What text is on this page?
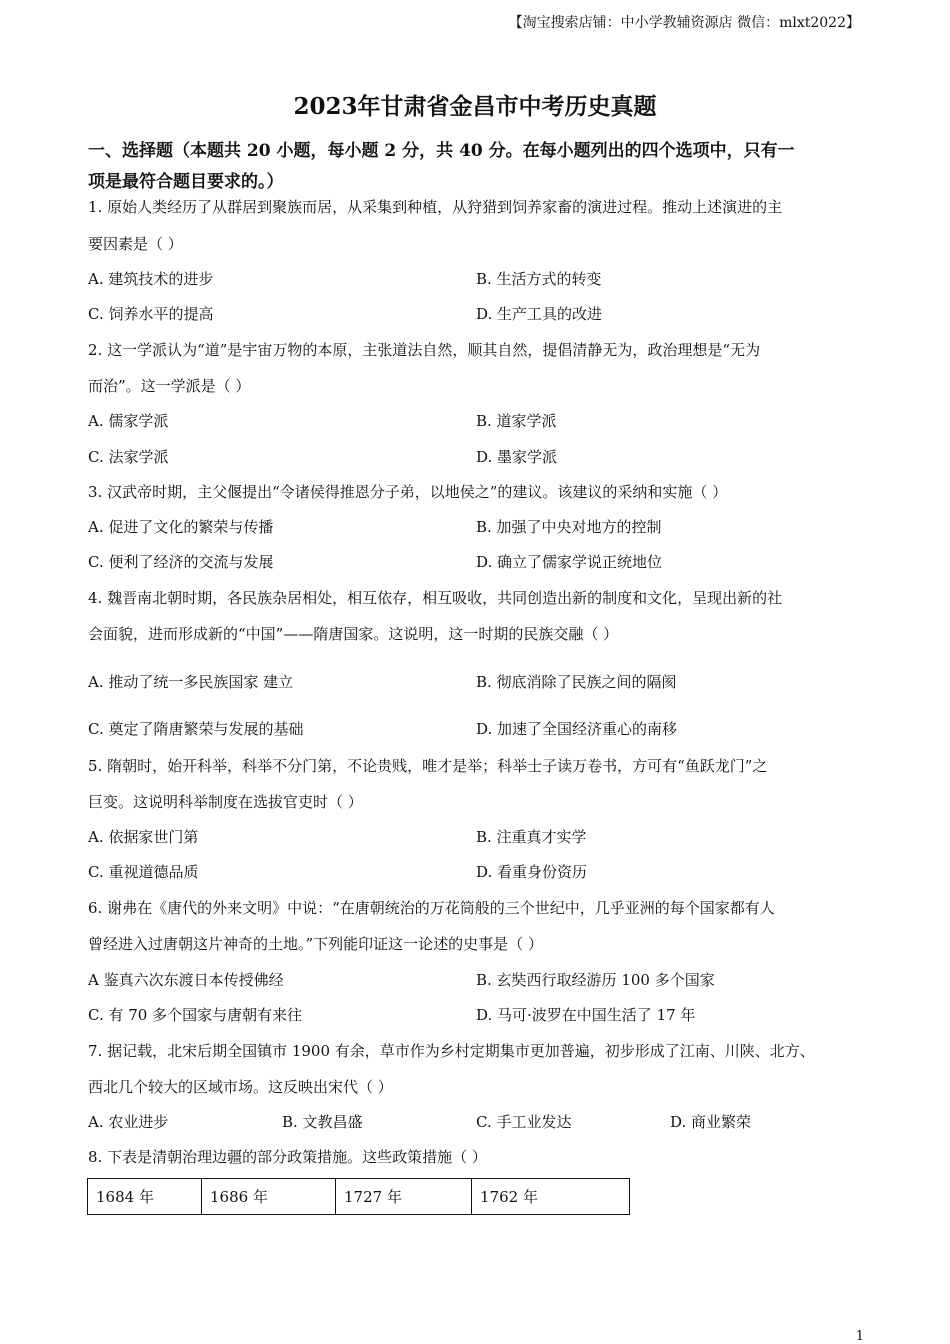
【淘宝搜索店铺：中小学教辅资源店 微信：mlxt2022】
2023年甘肃省金昌市中考历史真题
一、选择题（本题共 20 小题，每小题 2 分，共 40 分。在每小题列出的四个选项中，只有一
项是最符合题目要求的。）
1. 原始人类经历了从群居到聚族而居，从采集到种植，从狩猎到饲养家畜的演进过程。推动上述演进的主
要因素是（ ）
A. 建筑技术的进步	B. 生活方式的转变
C. 饲养水平的提高	D. 生产工具的改进
2. 这一学派认为“道”是宇宙万物的本原，主张道法自然，顺其自然，提倡清静无为，政治理想是“无为
而治”。这一学派是（ ）
A. 儒家学派	B. 道家学派
C. 法家学派	D. 墨家学派
3. 汉武帝时期，主父偃提出“令诸侯得推恩分子弟，以地侯之”的建议。该建议的采纳和实施（ ）
A. 促进了文化的繁荣与传播	B. 加强了中央对地方的控制
C. 便利了经济的交流与发展	D. 确立了儒家学说正统地位
4. 魏晋南北朝时期，各民族杂居相处，相互依存，相互吸收，共同创造出新的制度和文化，呈现出新的社
会面貌，进而形成新的“中国”——隋唐国家。这说明，这一时期的民族交融（ ）
A. 推动了统一多民族国家 建立	B. 彻底消除了民族之间的隔阂
C. 奠定了隋唐繁荣与发展的基础	D. 加速了全国经济重心的南移
5. 隋朝时，始开科举，科举不分门第，不论贵贱，唯才是举；科举士子读万卷书，方可有“鱼跃龙门”之
巨变。这说明科举制度在选拔官吏时（ ）
A. 依据家世门第	B. 注重真才实学
C. 重视道德品质	D. 看重身份资历
6. 谢弗在《唐代的外来文明》中说：“在唐朝统治的万花筒般的三个世纪中，几乎亚洲的每个国家都有人
曾经进入过唐朝这片神奇的土地。”下列能印证这一论述的史事是（ ）
A 鉴真六次东渡日本传授佛经	B. 玄奘西行取经游历 100 多个国家
C. 有 70 多个国家与唐朝有来往	D. 马可·波罗在中国生活了 17 年
7. 据记载，北宋后期全国镇市 1900 有余，草市作为乡村定期集市更加普遍，初步形成了江南、川陕、北方、
西北几个较大的区域市场。这反映出宋代（ ）
A. 农业进步	B. 文教昌盛	C. 手工业发达	D. 商业繁荣
8. 下表是清朝治理边疆的部分政策措施。这些政策措施（ ）
1684 年	1686 年	1727 年	1762 年
1
